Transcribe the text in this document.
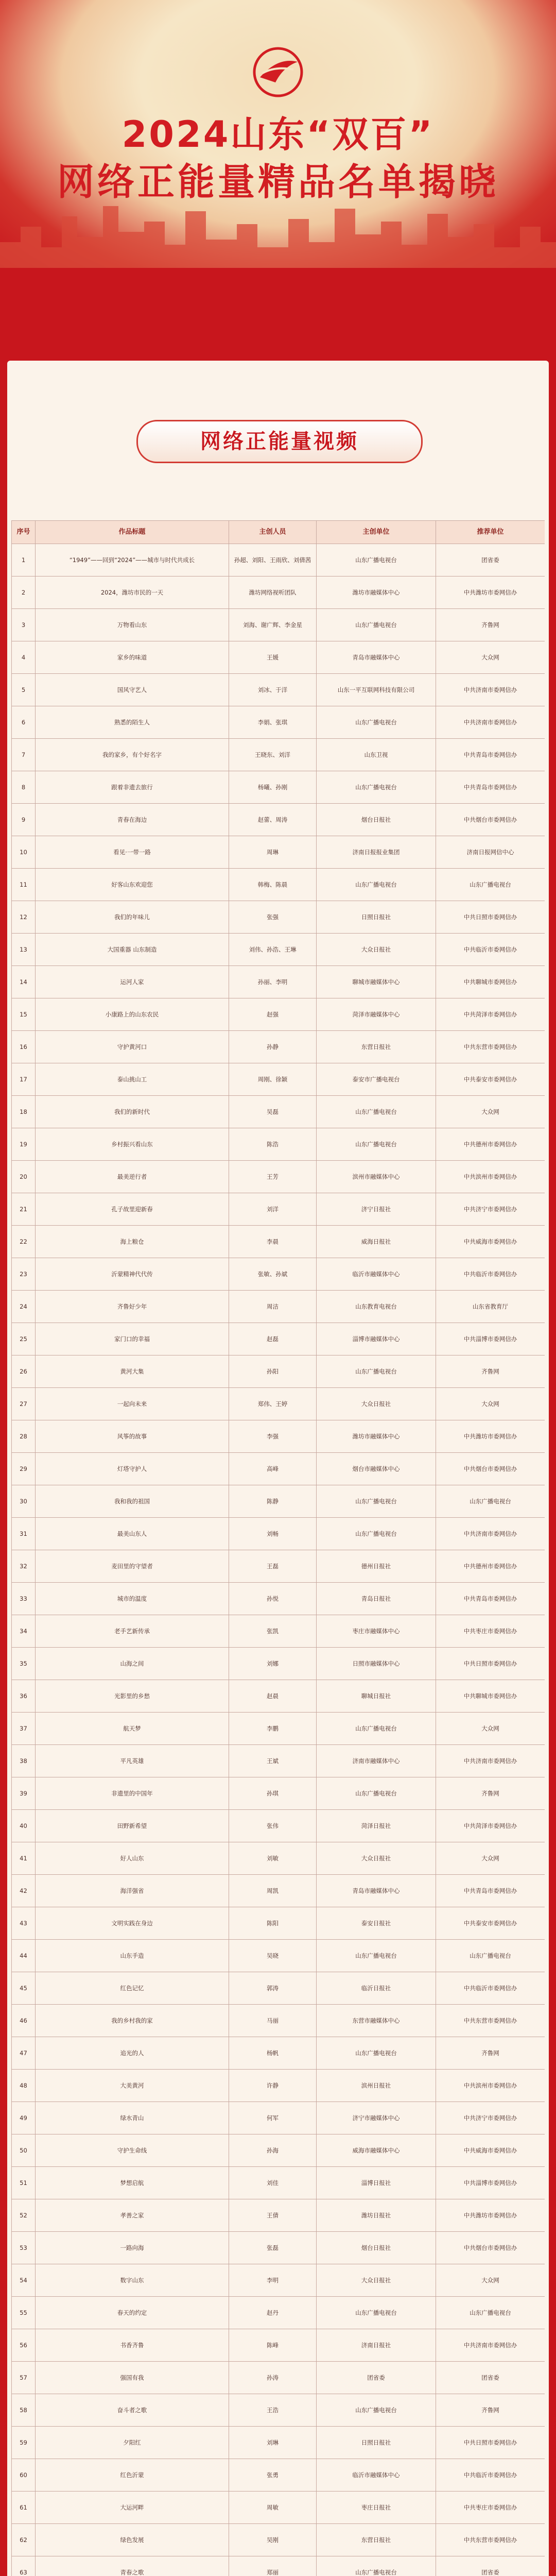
2024山东“双百”
网络正能量精品名单揭晓
网络正能量视频
序号	作品标题	主创人员	主创单位	推荐单位
1	“1949”——回到“2024”——城市与时代共成长	孙超、刘阳、王雨欣、刘倩茜	山东广播电视台	团省委
2	2024，潍坊市民的一天	潍坊网络视听团队	潍坊市融媒体中心	中共潍坊市委网信办
3	万物看山东	刘海、谢广辉、李金星	山东广播电视台	齐鲁网
4	家乡的味道	王媛	青岛市融媒体中心	大众网
5	国风守艺人	刘冰、于洋	山东一平互联网科技有限公司	中共济南市委网信办
6	熟悉的陌生人	李娟、张琪	山东广播电视台	中共济南市委网信办
7	我的家乡，有个好名字	王晓东、刘洋	山东卫视	中共青岛市委网信办
8	跟着非遗去旅行	杨曦、孙刚	山东广播电视台	中共青岛市委网信办
9	青春在海边	赵蕾、周涛	烟台日报社	中共烟台市委网信办
10	看见·一带一路	周琳	济南日报报业集团	济南日报网信中心
11	好客山东欢迎您	韩梅、陈晨	山东广播电视台	山东广播电视台
12	我们的年味儿	张强	日照日报社	中共日照市委网信办
13	大国重器 山东制造	刘伟、孙浩、王琳	大众日报社	中共临沂市委网信办
14	运河人家	孙丽、李明	聊城市融媒体中心	中共聊城市委网信办
15	小康路上的山东农民	赵强	菏泽市融媒体中心	中共菏泽市委网信办
16	守护黄河口	孙静	东营日报社	中共东营市委网信办
17	泰山挑山工	周刚、徐颖	泰安市广播电视台	中共泰安市委网信办
18	我们的新时代	吴磊	山东广播电视台	大众网
19	乡村振兴看山东	陈浩	山东广播电视台	中共德州市委网信办
20	最美逆行者	王芳	滨州市融媒体中心	中共滨州市委网信办
21	孔子故里迎新春	刘洋	济宁日报社	中共济宁市委网信办
22	海上粮仓	李晨	威海日报社	中共威海市委网信办
23	沂蒙精神代代传	张敏、孙斌	临沂市融媒体中心	中共临沂市委网信办
24	齐鲁好少年	周洁	山东教育电视台	山东省教育厅
25	家门口的幸福	赵磊	淄博市融媒体中心	中共淄博市委网信办
26	黄河大集	孙阳	山东广播电视台	齐鲁网
27	一起向未来	郑伟、王婷	大众日报社	大众网
28	风筝的故事	李强	潍坊市融媒体中心	中共潍坊市委网信办
29	灯塔守护人	高峰	烟台市融媒体中心	中共烟台市委网信办
30	我和我的祖国	陈静	山东广播电视台	山东广播电视台
31	最美山东人	刘畅	山东广播电视台	中共济南市委网信办
32	麦田里的守望者	王磊	德州日报社	中共德州市委网信办
33	城市的温度	孙悦	青岛日报社	中共青岛市委网信办
34	老手艺新传承	张凯	枣庄市融媒体中心	中共枣庄市委网信办
35	山海之间	刘娜	日照市融媒体中心	中共日照市委网信办
36	光影里的乡愁	赵晨	聊城日报社	中共聊城市委网信办
37	航天梦	李鹏	山东广播电视台	大众网
38	平凡英雄	王斌	济南市融媒体中心	中共济南市委网信办
39	非遗里的中国年	孙琪	山东广播电视台	齐鲁网
40	田野新希望	张伟	菏泽日报社	中共菏泽市委网信办
41	好人山东	刘敏	大众日报社	大众网
42	海洋强省	周凯	青岛市融媒体中心	中共青岛市委网信办
43	文明实践在身边	陈阳	泰安日报社	中共泰安市委网信办
44	山东手造	吴晓	山东广播电视台	山东广播电视台
45	红色记忆	郭涛	临沂日报社	中共临沂市委网信办
46	我的乡村我的家	马丽	东营市融媒体中心	中共东营市委网信办
47	追光的人	杨帆	山东广播电视台	齐鲁网
48	大美黄河	许静	滨州日报社	中共滨州市委网信办
49	绿水青山	何军	济宁市融媒体中心	中共济宁市委网信办
50	守护生命线	孙海	威海市融媒体中心	中共威海市委网信办
51	梦想启航	刘佳	淄博日报社	中共淄博市委网信办
52	孝善之家	王倩	潍坊日报社	中共潍坊市委网信办
53	一路向海	张磊	烟台日报社	中共烟台市委网信办
54	数字山东	李明	大众日报社	大众网
55	春天的约定	赵丹	山东广播电视台	山东广播电视台
56	书香齐鲁	陈峰	济南日报社	中共济南市委网信办
57	强国有我	孙涛	团省委	团省委
58	奋斗者之歌	王浩	山东广播电视台	齐鲁网
59	夕阳红	刘琳	日照日报社	中共日照市委网信办
60	红色沂蒙	张勇	临沂市融媒体中心	中共临沂市委网信办
61	大运河畔	周敏	枣庄日报社	中共枣庄市委网信办
62	绿色发展	吴刚	东营日报社	中共东营市委网信办
63	青春之歌	郑丽	山东广播电视台	团省委
